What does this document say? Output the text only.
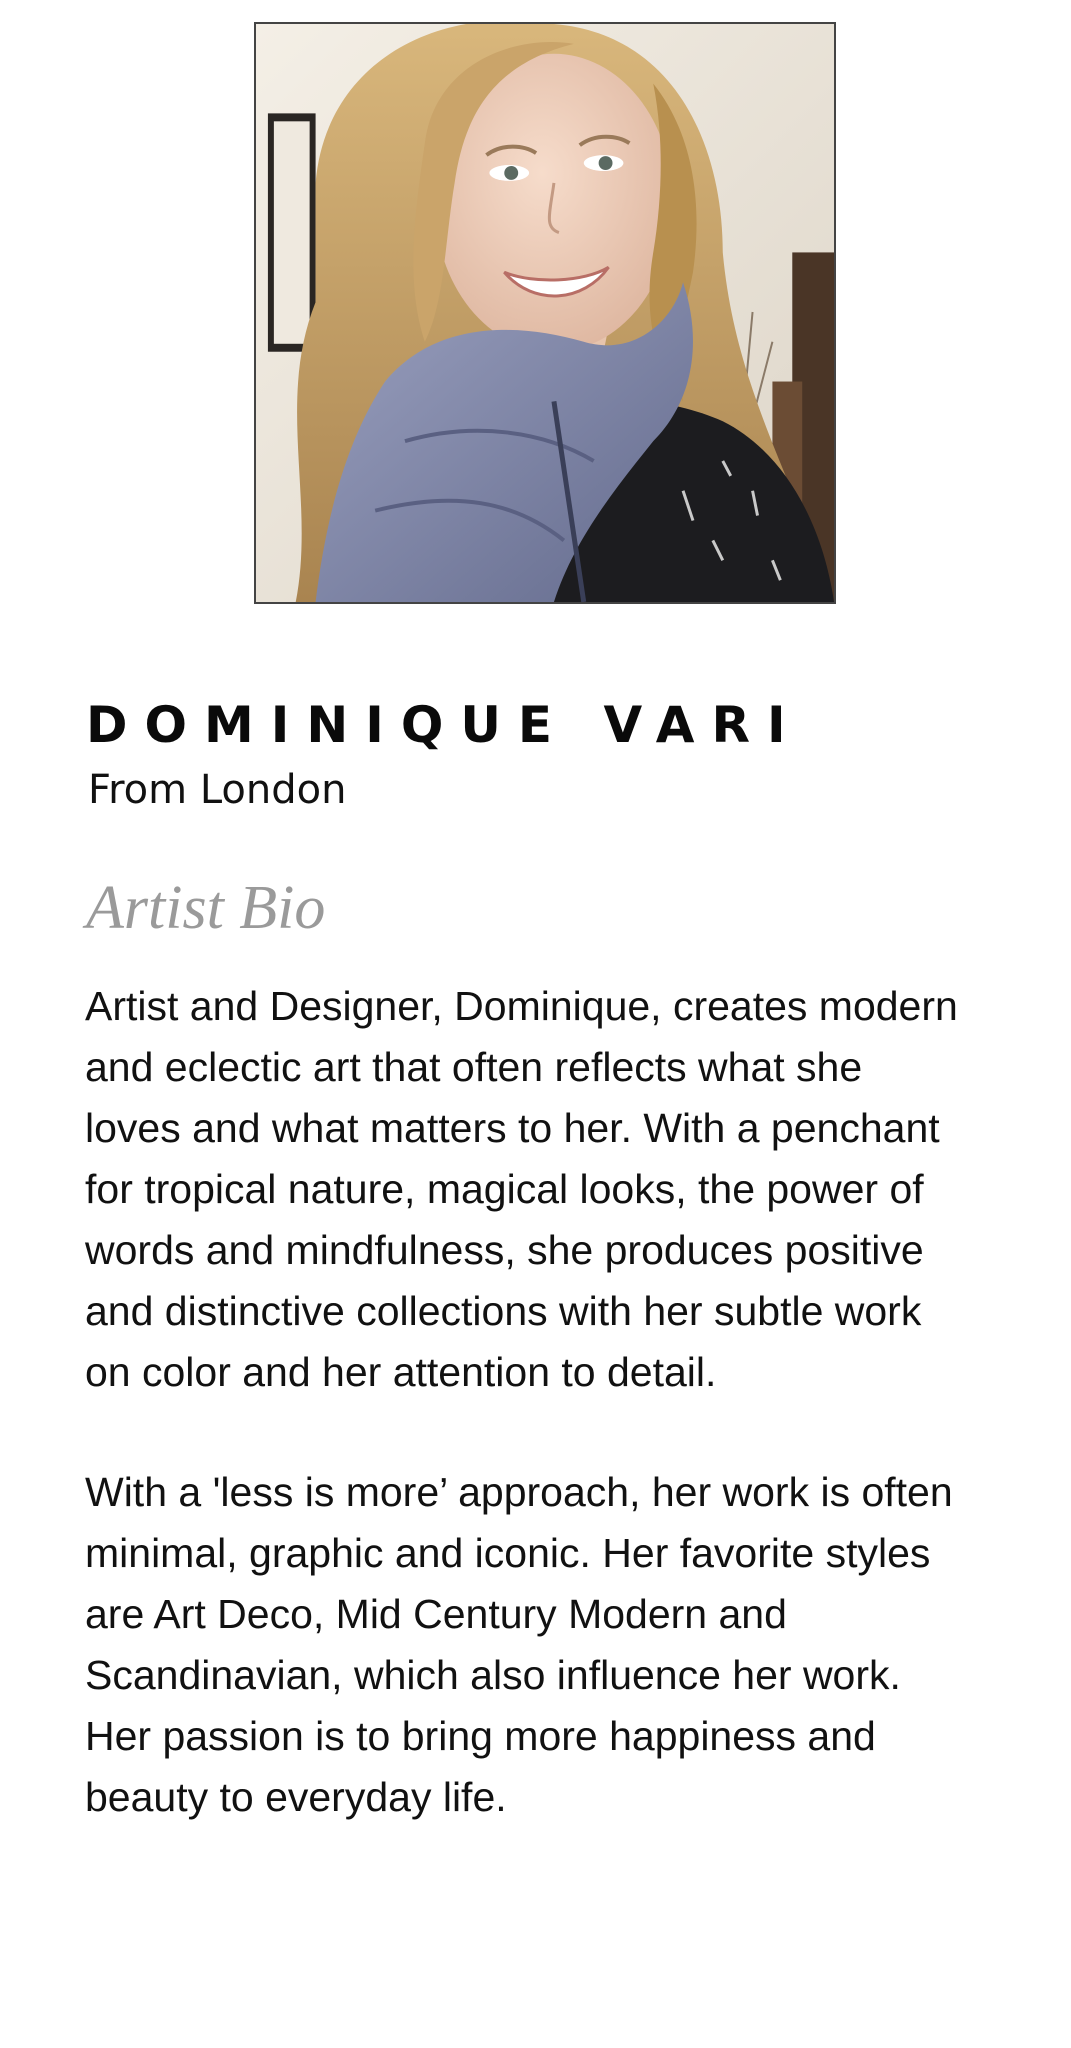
DOMINIQUE VARI

From London

Artist Bio

Artist and Designer, Dominique, creates modern
and eclectic art that often reflects what she
loves and what matters to her. With a penchant
for tropical nature, magical looks, the power of
words and mindfulness, she produces positive
and distinctive collections with her subtle work
on color and her attention to detail.

With a 'less is more’ approach, her work is often
minimal, graphic and iconic. Her favorite styles
are Art Deco, Mid Century Modern and
Scandinavian, which also influence her work.
Her passion is to bring more happiness and
beauty to everyday life.
